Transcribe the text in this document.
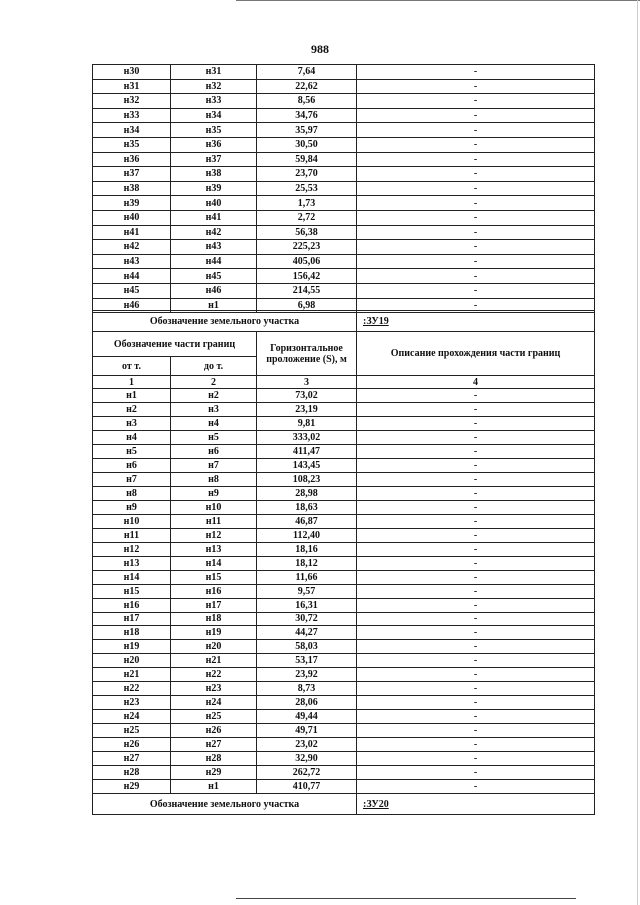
988
н30	н31	7,64	-
н31	н32	22,62	-
н32	н33	8,56	-
н33	н34	34,76	-
н34	н35	35,97	-
н35	н36	30,50	-
н36	н37	59,84	-
н37	н38	23,70	-
н38	н39	25,53	-
н39	н40	1,73	-
н40	н41	2,72	-
н41	н42	56,38	-
н42	н43	225,23	-
н43	н44	405,06	-
н44	н45	156,42	-
н45	н46	214,55	-
н46	н1	6,98	-
Обозначение земельного участка			:ЗУ19
Обозначение части границ		Горизонтальное проложение (S), м	Описание прохождения части границ
от т.	до т.		
1	2	3	4
н1	н2	73,02	-
н2	н3	23,19	-
н3	н4	9,81	-
н4	н5	333,02	-
н5	н6	411,47	-
н6	н7	143,45	-
н7	н8	108,23	-
н8	н9	28,98	-
н9	н10	18,63	-
н10	н11	46,87	-
н11	н12	112,40	-
н12	н13	18,16	-
н13	н14	18,12	-
н14	н15	11,66	-
н15	н16	9,57	-
н16	н17	16,31	-
н17	н18	30,72	-
н18	н19	44,27	-
н19	н20	58,03	-
н20	н21	53,17	-
н21	н22	23,92	-
н22	н23	8,73	-
н23	н24	28,06	-
н24	н25	49,44	-
н25	н26	49,71	-
н26	н27	23,02	-
н27	н28	32,90	-
н28	н29	262,72	-
н29	н1	410,77	-
Обозначение земельного участка			:ЗУ20
